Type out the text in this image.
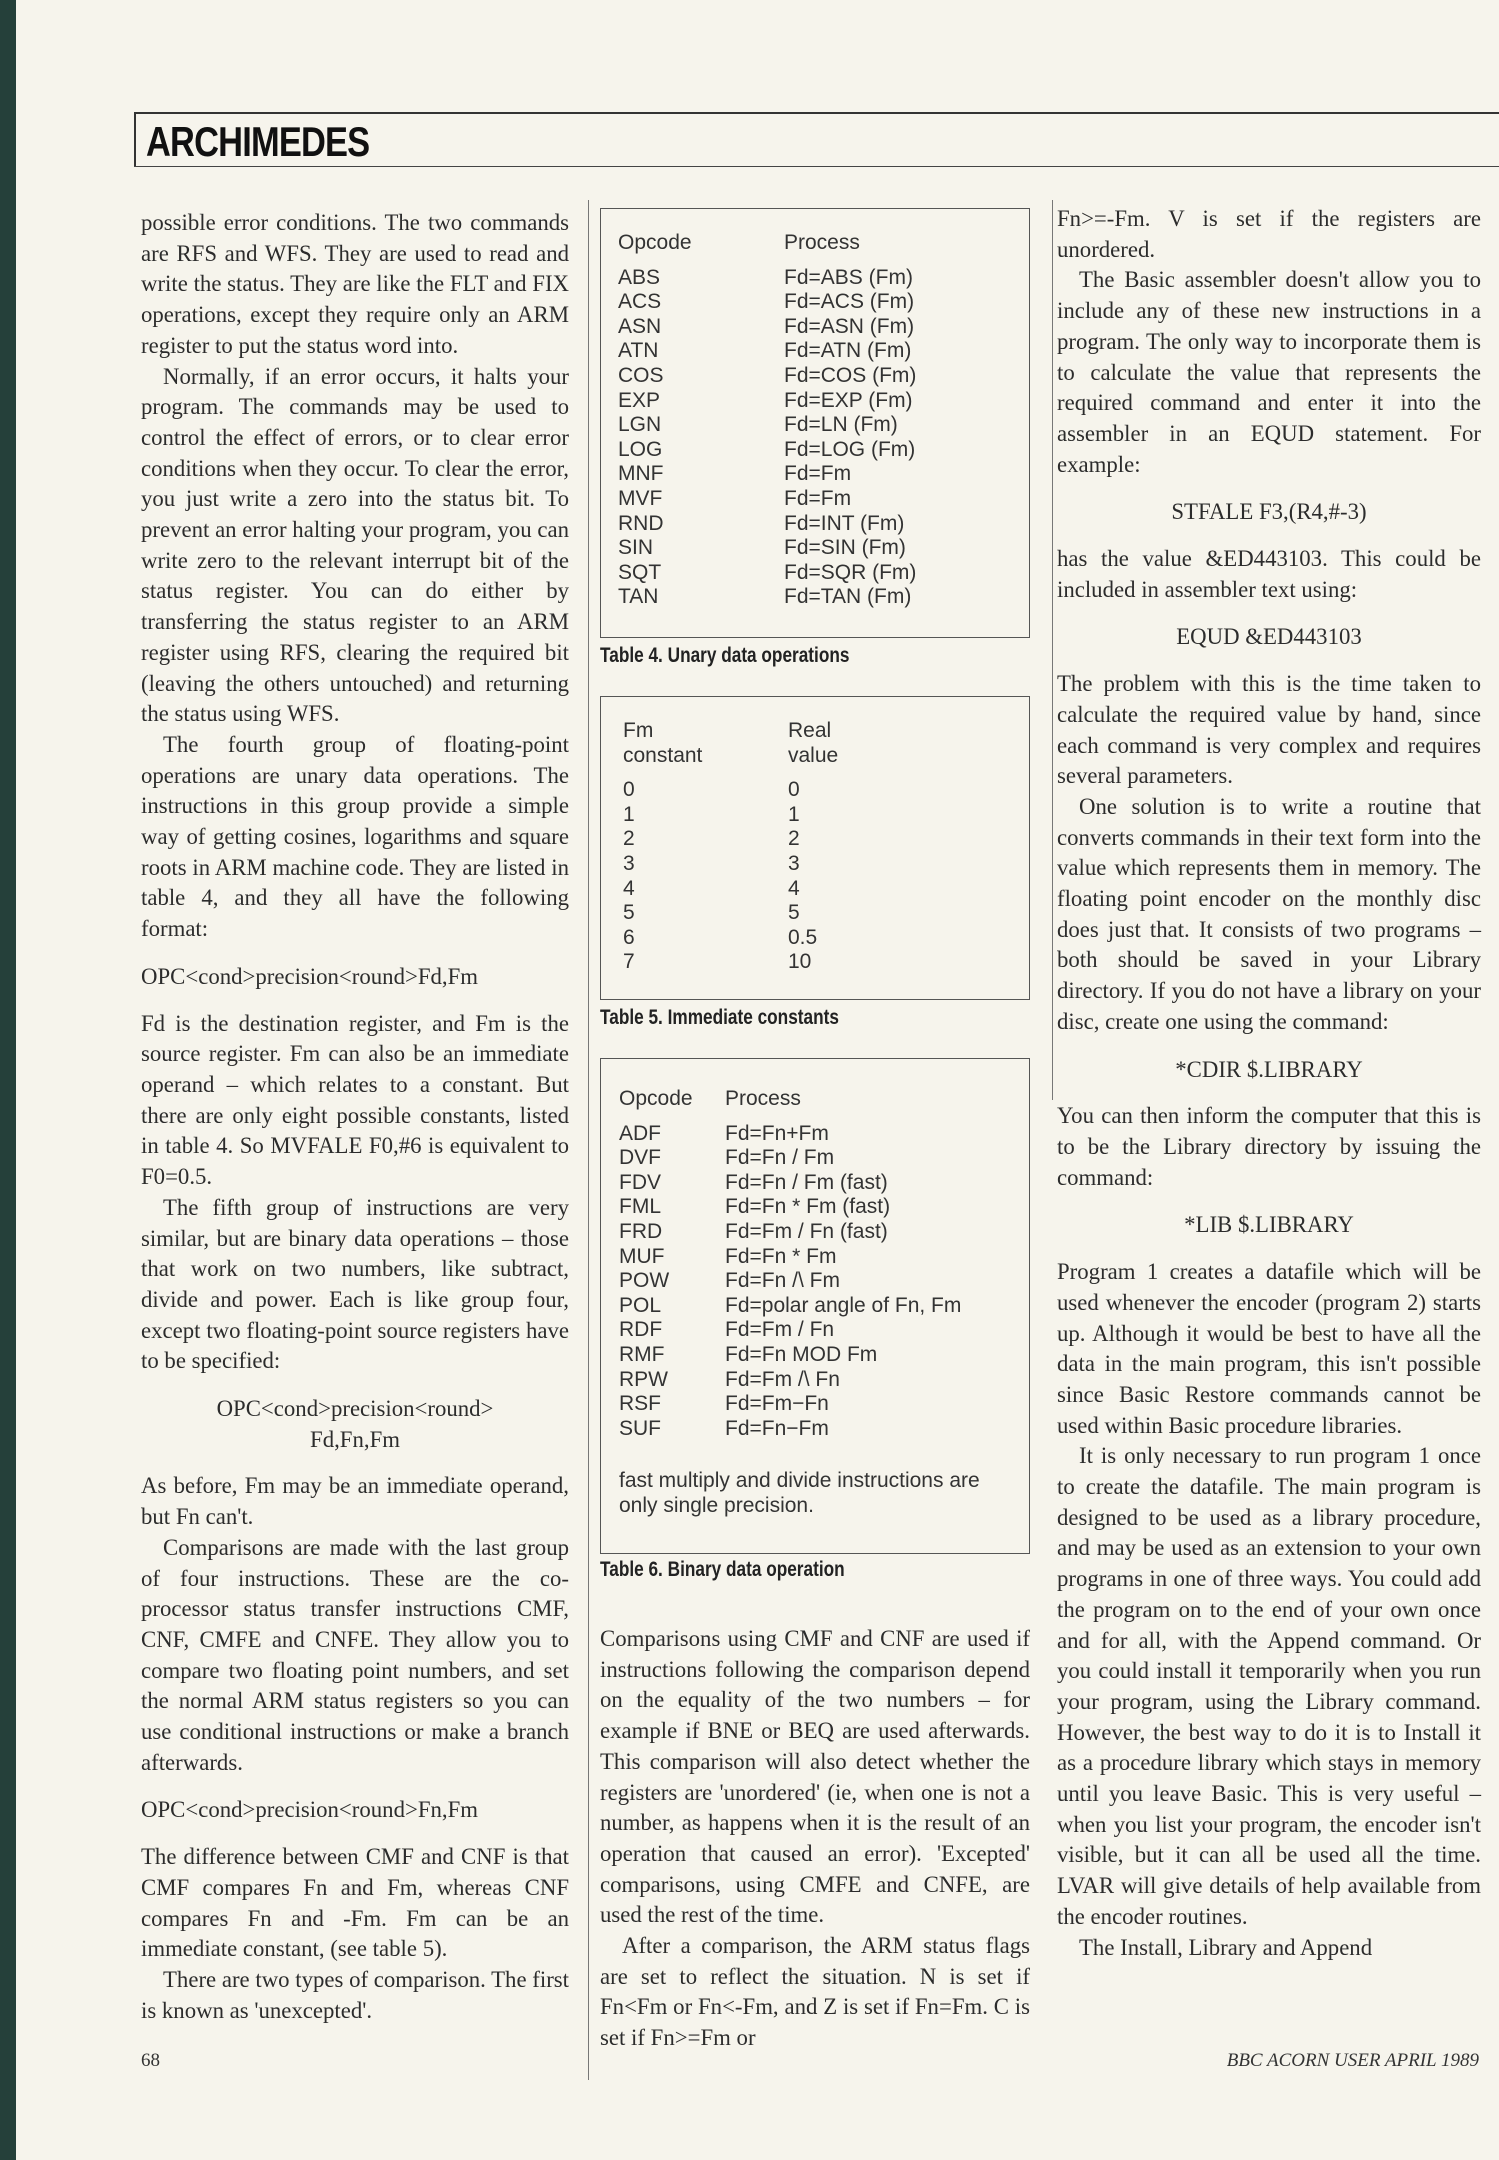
ARCHIMEDES

possible error conditions. The two commands are RFS and WFS. They are used to read and write the status. They are like the FLT and FIX operations, except they require only an ARM register to put the status word into.

Normally, if an error occurs, it halts your program. The commands may be used to control the effect of errors, or to clear error conditions when they occur. To clear the error, you just write a zero into the status bit. To prevent an error halting your program, you can write zero to the relevant interrupt bit of the status register. You can do either by transferring the status register to an ARM register using RFS, clearing the required bit (leaving the others untouched) and returning the status using WFS.

The fourth group of floating-point operations are unary data operations. The instructions in this group provide a simple way of getting cosines, logarithms and square roots in ARM machine code. They are listed in table 4, and they all have the following format:

OPC<cond>precision<round>Fd,Fm

Fd is the destination register, and Fm is the source register. Fm can also be an immediate operand – which relates to a constant. But there are only eight possible constants, listed in table 4. So MVFALE F0,#6 is equivalent to F0=0.5.

The fifth group of instructions are very similar, but are binary data operations – those that work on two numbers, like subtract, divide and power. Each is like group four, except two floating-point source registers have to be specified:

OPC<cond>precision<round>

Fd,Fn,Fm

As before, Fm may be an immediate operand, but Fn can't.

Comparisons are made with the last group of four instructions. These are the co-processor status transfer instructions CMF, CNF, CMFE and CNFE. They allow you to compare two floating point numbers, and set the normal ARM status registers so you can use conditional instructions or make a branch afterwards.

OPC<cond>precision<round>Fn,Fm

The difference between CMF and CNF is that CMF compares Fn and Fm, whereas CNF compares Fn and -Fm. Fm can be an immediate constant, (see table 5).

There are two types of comparison. The first is known as 'unexcepted'.

Opcode	Process
ABS	Fd=ABS (Fm)
ACS	Fd=ACS (Fm)
ASN	Fd=ASN (Fm)
ATN	Fd=ATN (Fm)
COS	Fd=COS (Fm)
EXP	Fd=EXP (Fm)
LGN	Fd=LN (Fm)
LOG	Fd=LOG (Fm)
MNF	Fd=Fm
MVF	Fd=Fm
RND	Fd=INT (Fm)
SIN	Fd=SIN (Fm)
SQT	Fd=SQR (Fm)
TAN	Fd=TAN (Fm)
Table 4. Unary data operations
Fm	Real
constant	value
0	0
1	1
2	2
3	3
4	4
5	5
6	0.5
7	10
Table 5. Immediate constants
Opcode	Process
ADF	Fd=Fn+Fm
DVF	Fd=Fn / Fm
FDV	Fd=Fn / Fm (fast)
FML	Fd=Fn * Fm (fast)
FRD	Fd=Fm / Fn (fast)
MUF	Fd=Fn * Fm
POW	Fd=Fn /\ Fm
POL	Fd=polar angle of Fn, Fm
RDF	Fd=Fm / Fn
RMF	Fd=Fn MOD Fm
RPW	Fd=Fm /\ Fn
RSF	Fd=Fm−Fn
SUF	Fd=Fn−Fm
fast multiply and divide instructions are only single precision.
Table 6. Binary data operation

Comparisons using CMF and CNF are used if instructions following the comparison depend on the equality of the two numbers – for example if BNE or BEQ are used afterwards. This comparison will also detect whether the registers are 'unordered' (ie, when one is not a number, as happens when it is the result of an operation that caused an error). 'Excepted' comparisons, using CMFE and CNFE, are used the rest of the time.

After a comparison, the ARM status flags are set to reflect the situation. N is set if Fn<Fm or Fn<-Fm, and Z is set if Fn=Fm. C is set if Fn>=Fm or

Fn>=-Fm. V is set if the registers are unordered.

The Basic assembler doesn't allow you to include any of these new instructions in a program. The only way to incorporate them is to calculate the value that represents the required command and enter it into the assembler in an EQUD statement. For example:

STFALE F3,(R4,#-3)

has the value &ED443103. This could be included in assembler text using:

EQUD &ED443103

The problem with this is the time taken to calculate the required value by hand, since each command is very complex and requires several parameters.

One solution is to write a routine that converts commands in their text form into the value which represents them in memory. The floating point encoder on the monthly disc does just that. It consists of two programs – both should be saved in your Library directory. If you do not have a library on your disc, create one using the command:

*CDIR $.LIBRARY

You can then inform the computer that this is to be the Library directory by issuing the command:

*LIB $.LIBRARY

Program 1 creates a datafile which will be used whenever the encoder (program 2) starts up. Although it would be best to have all the data in the main program, this isn't possible since Basic Restore commands cannot be used within Basic procedure libraries.

It is only necessary to run program 1 once to create the datafile. The main program is designed to be used as a library procedure, and may be used as an extension to your own programs in one of three ways. You could add the program on to the end of your own once and for all, with the Append command. Or you could install it temporarily when you run your program, using the Library command. However, the best way to do it is to Install it as a procedure library which stays in memory until you leave Basic. This is very useful – when you list your program, the encoder isn't visible, but it can all be used all the time. LVAR will give details of help available from the encoder routines.

The Install, Library and Append

68	BBC ACORN USER APRIL 1989
